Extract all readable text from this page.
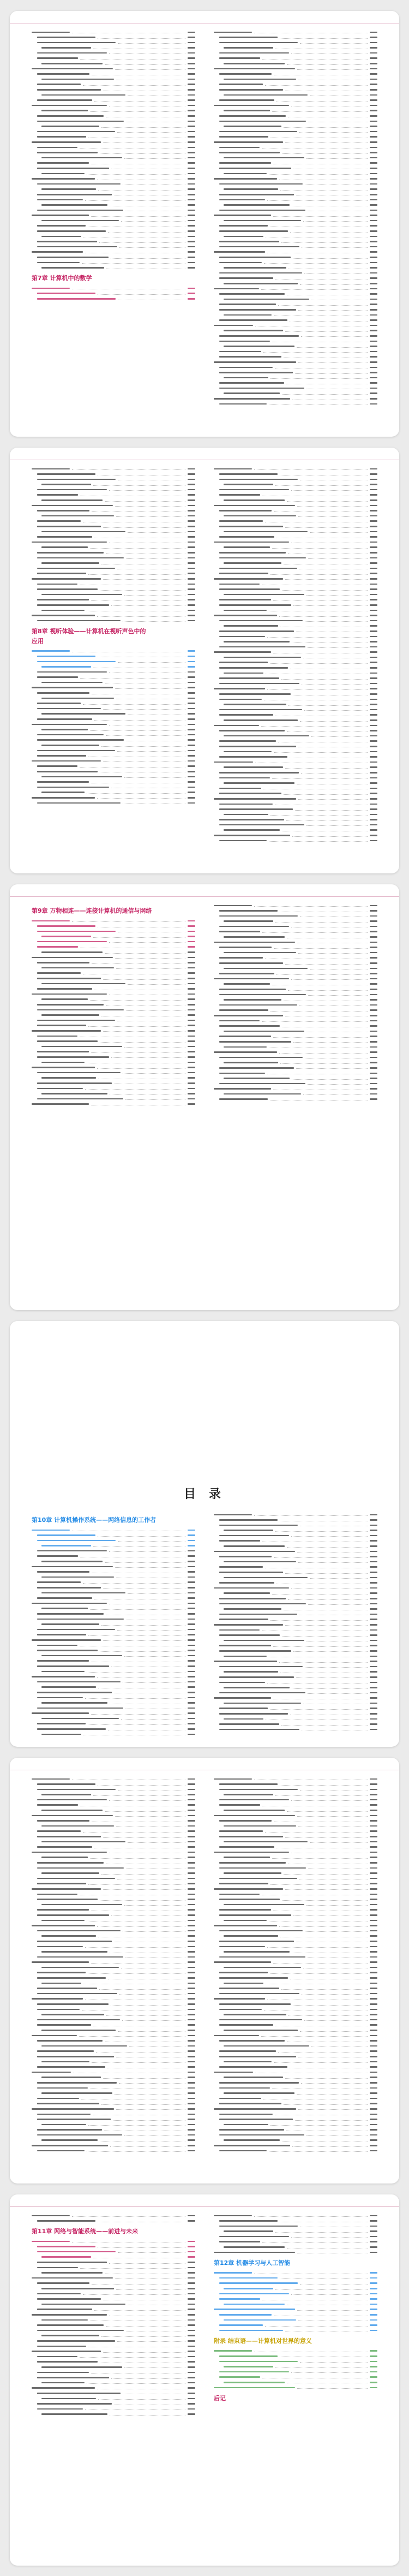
第7章 计算机中的数学
第8章 视听体验——计算机在视听声色中的
应用
第9章 万物相连——连接计算机的通信与网络
目 录
第10章 计算机操作系统——网络信息的工作者
第11章 网络与智能系统——前进与未来
第12章 机器学习与人工智能
附录 结束语——计算机对世界的意义
后记
